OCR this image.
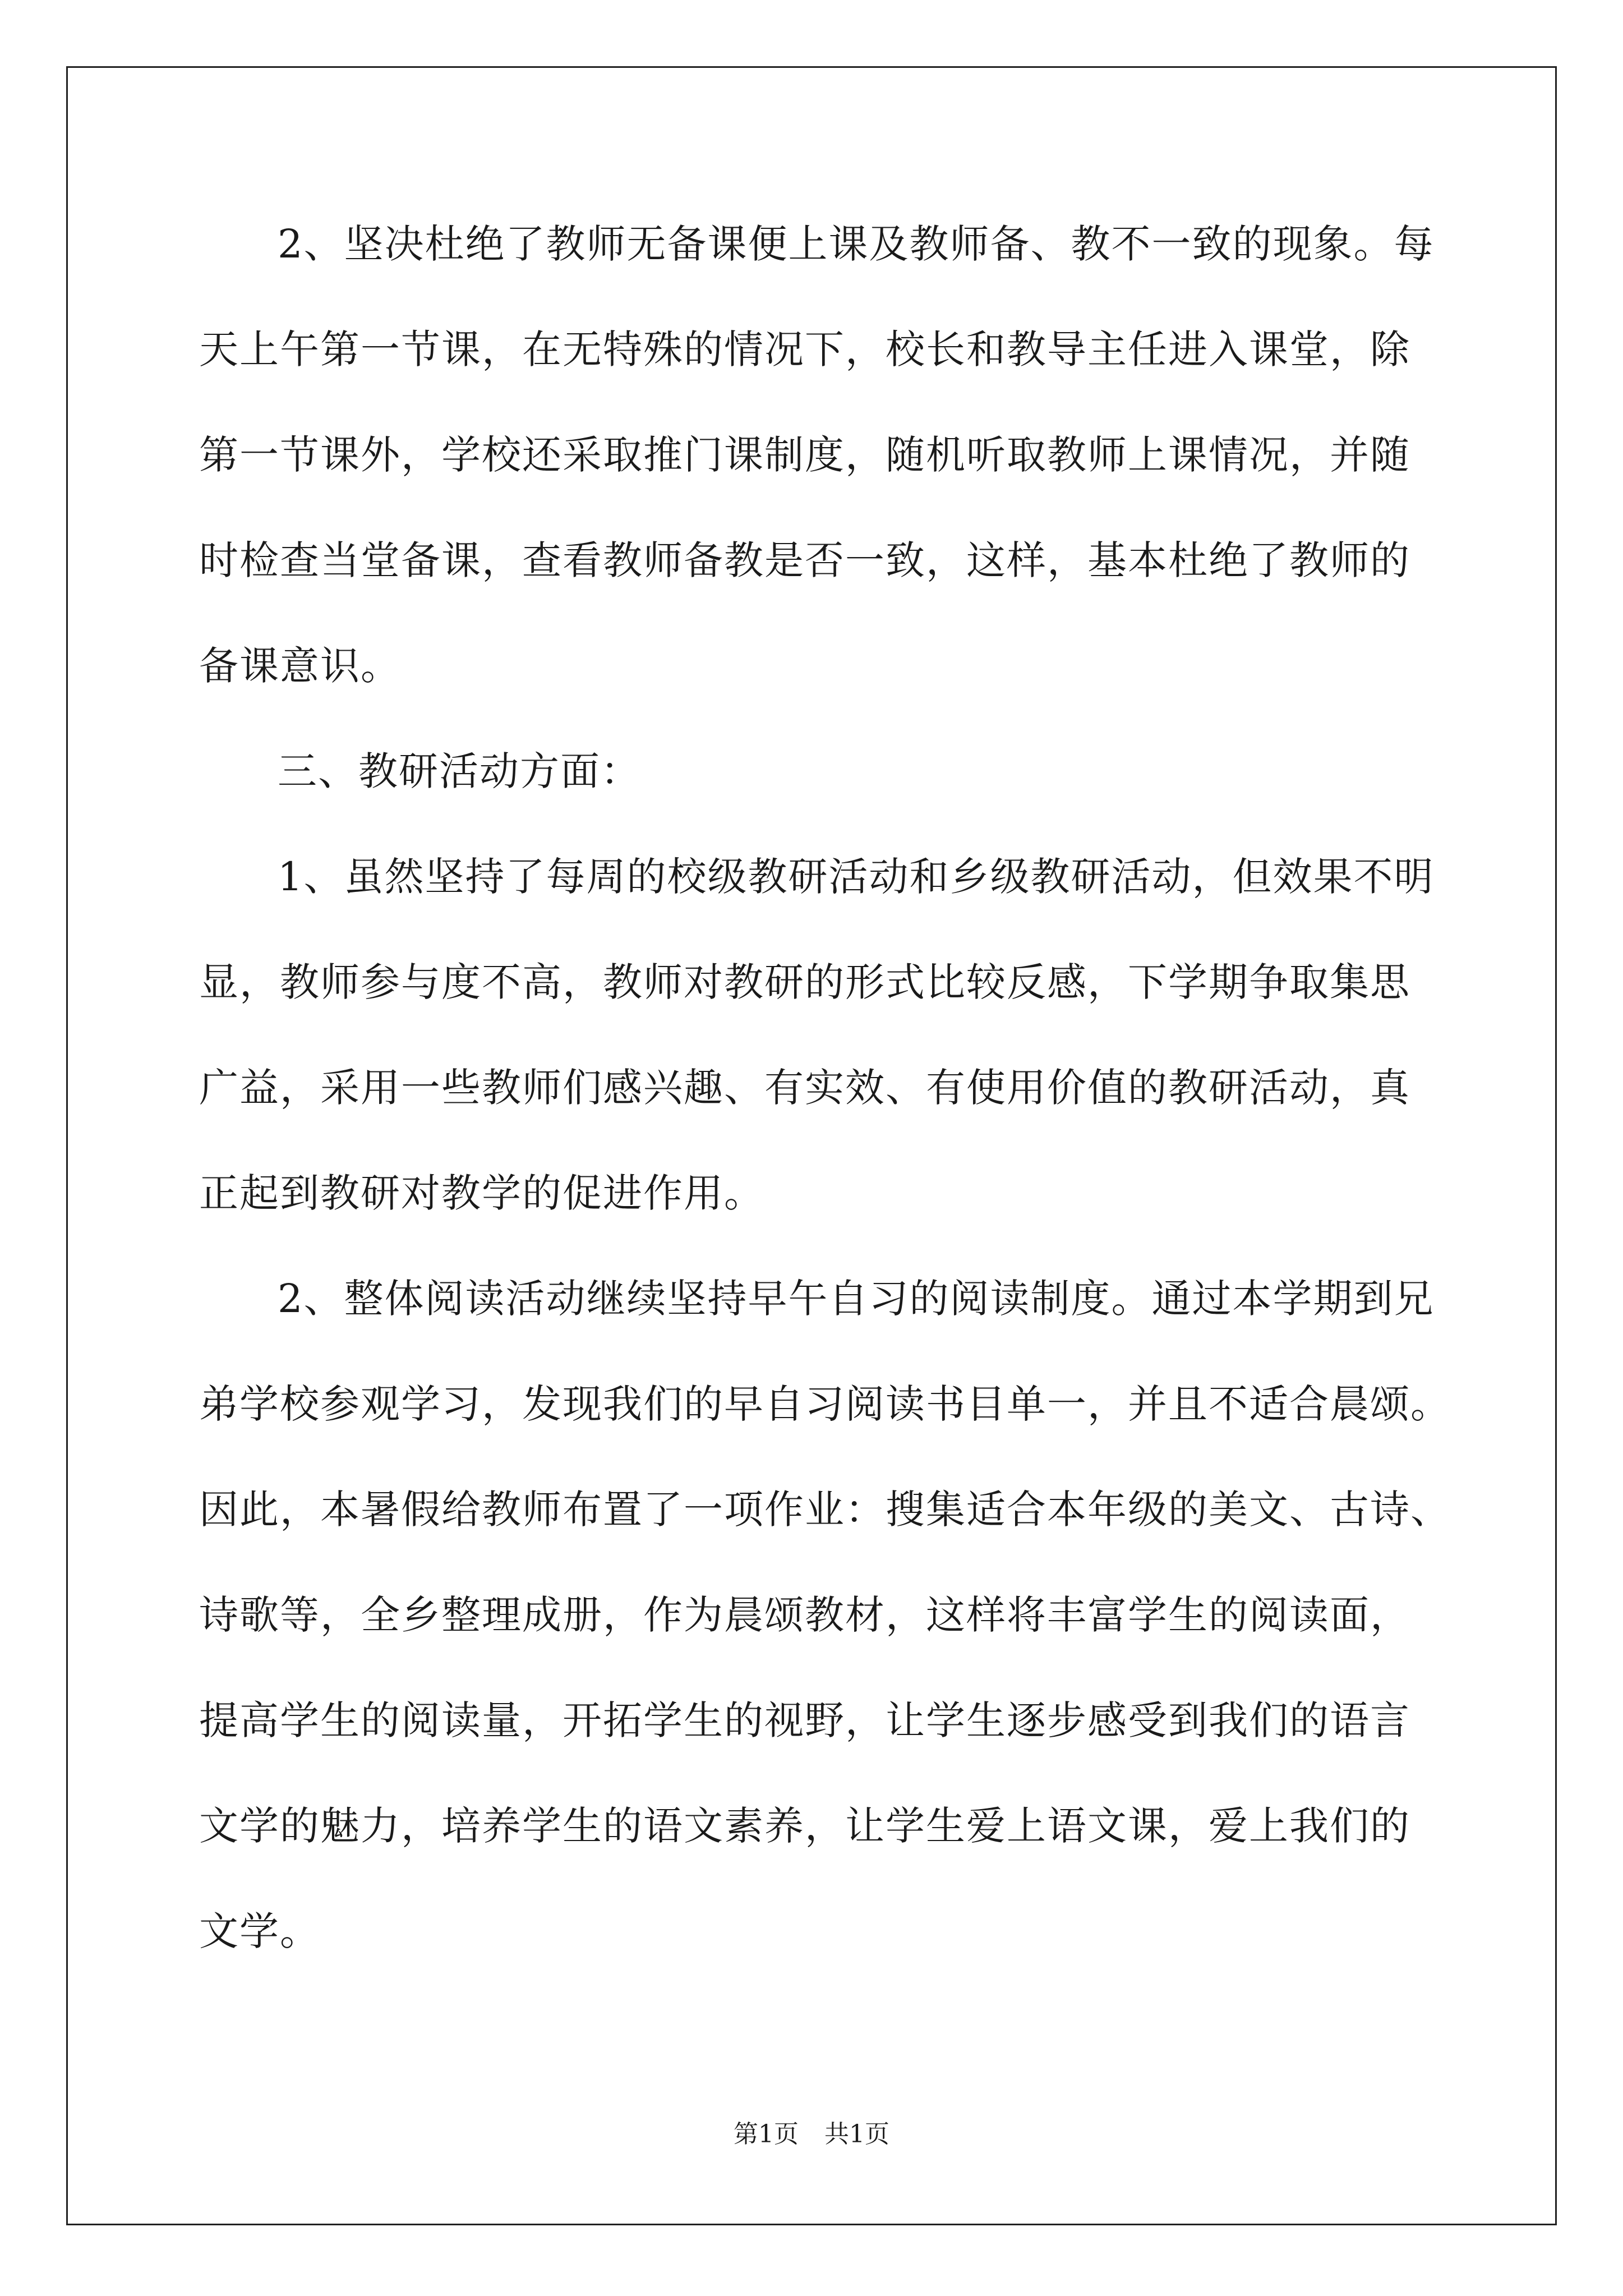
2、坚决杜绝了教师无备课便上课及教师备、教不一致的现象。每
天上午第一节课，在无特殊的情况下，校长和教导主任进入课堂，除
第一节课外，学校还采取推门课制度，随机听取教师上课情况，并随
时检查当堂备课，查看教师备教是否一致，这样，基本杜绝了教师的
备课意识。
三、教研活动方面：
1、虽然坚持了每周的校级教研活动和乡级教研活动，但效果不明
显，教师参与度不高，教师对教研的形式比较反感，下学期争取集思
广益，采用一些教师们感兴趣、有实效、有使用价值的教研活动，真
正起到教研对教学的促进作用。
2、整体阅读活动继续坚持早午自习的阅读制度。通过本学期到兄
弟学校参观学习，发现我们的早自习阅读书目单一，并且不适合晨颂。
因此，本暑假给教师布置了一项作业：搜集适合本年级的美文、古诗、
诗歌等，全乡整理成册，作为晨颂教材，这样将丰富学生的阅读面，
提高学生的阅读量，开拓学生的视野，让学生逐步感受到我们的语言
文学的魅力，培养学生的语文素养，让学生爱上语文课，爱上我们的
文学。
第1页 共1页
